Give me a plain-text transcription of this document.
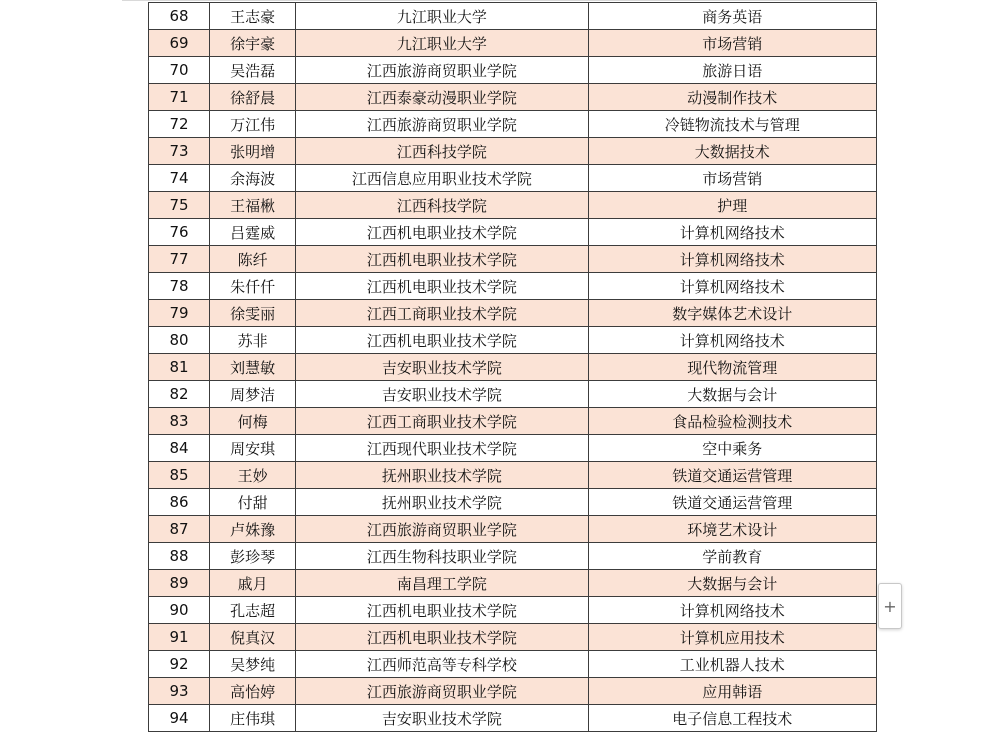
68	王志豪	九江职业大学	商务英语
69	徐宇豪	九江职业大学	市场营销
70	吴浩磊	江西旅游商贸职业学院	旅游日语
71	徐舒晨	江西泰豪动漫职业学院	动漫制作技术
72	万江伟	江西旅游商贸职业学院	冷链物流技术与管理
73	张明增	江西科技学院	大数据技术
74	余海波	江西信息应用职业技术学院	市场营销
75	王福楸	江西科技学院	护理
76	吕霆威	江西机电职业技术学院	计算机网络技术
77	陈纤	江西机电职业技术学院	计算机网络技术
78	朱仟仟	江西机电职业技术学院	计算机网络技术
79	徐雯丽	江西工商职业技术学院	数字媒体艺术设计
80	苏非	江西机电职业技术学院	计算机网络技术
81	刘慧敏	吉安职业技术学院	现代物流管理
82	周梦洁	吉安职业技术学院	大数据与会计
83	何梅	江西工商职业技术学院	食品检验检测技术
84	周安琪	江西现代职业技术学院	空中乘务
85	王妙	抚州职业技术学院	铁道交通运营管理
86	付甜	抚州职业技术学院	铁道交通运营管理
87	卢姝豫	江西旅游商贸职业学院	环境艺术设计
88	彭珍琴	江西生物科技职业学院	学前教育
89	戚月	南昌理工学院	大数据与会计
90	孔志超	江西机电职业技术学院	计算机网络技术
91	倪真汉	江西机电职业技术学院	计算机应用技术
92	吴梦纯	江西师范高等专科学校	工业机器人技术
93	高怡婷	江西旅游商贸职业学院	应用韩语
94	庄伟琪	吉安职业技术学院	电子信息工程技术
+
